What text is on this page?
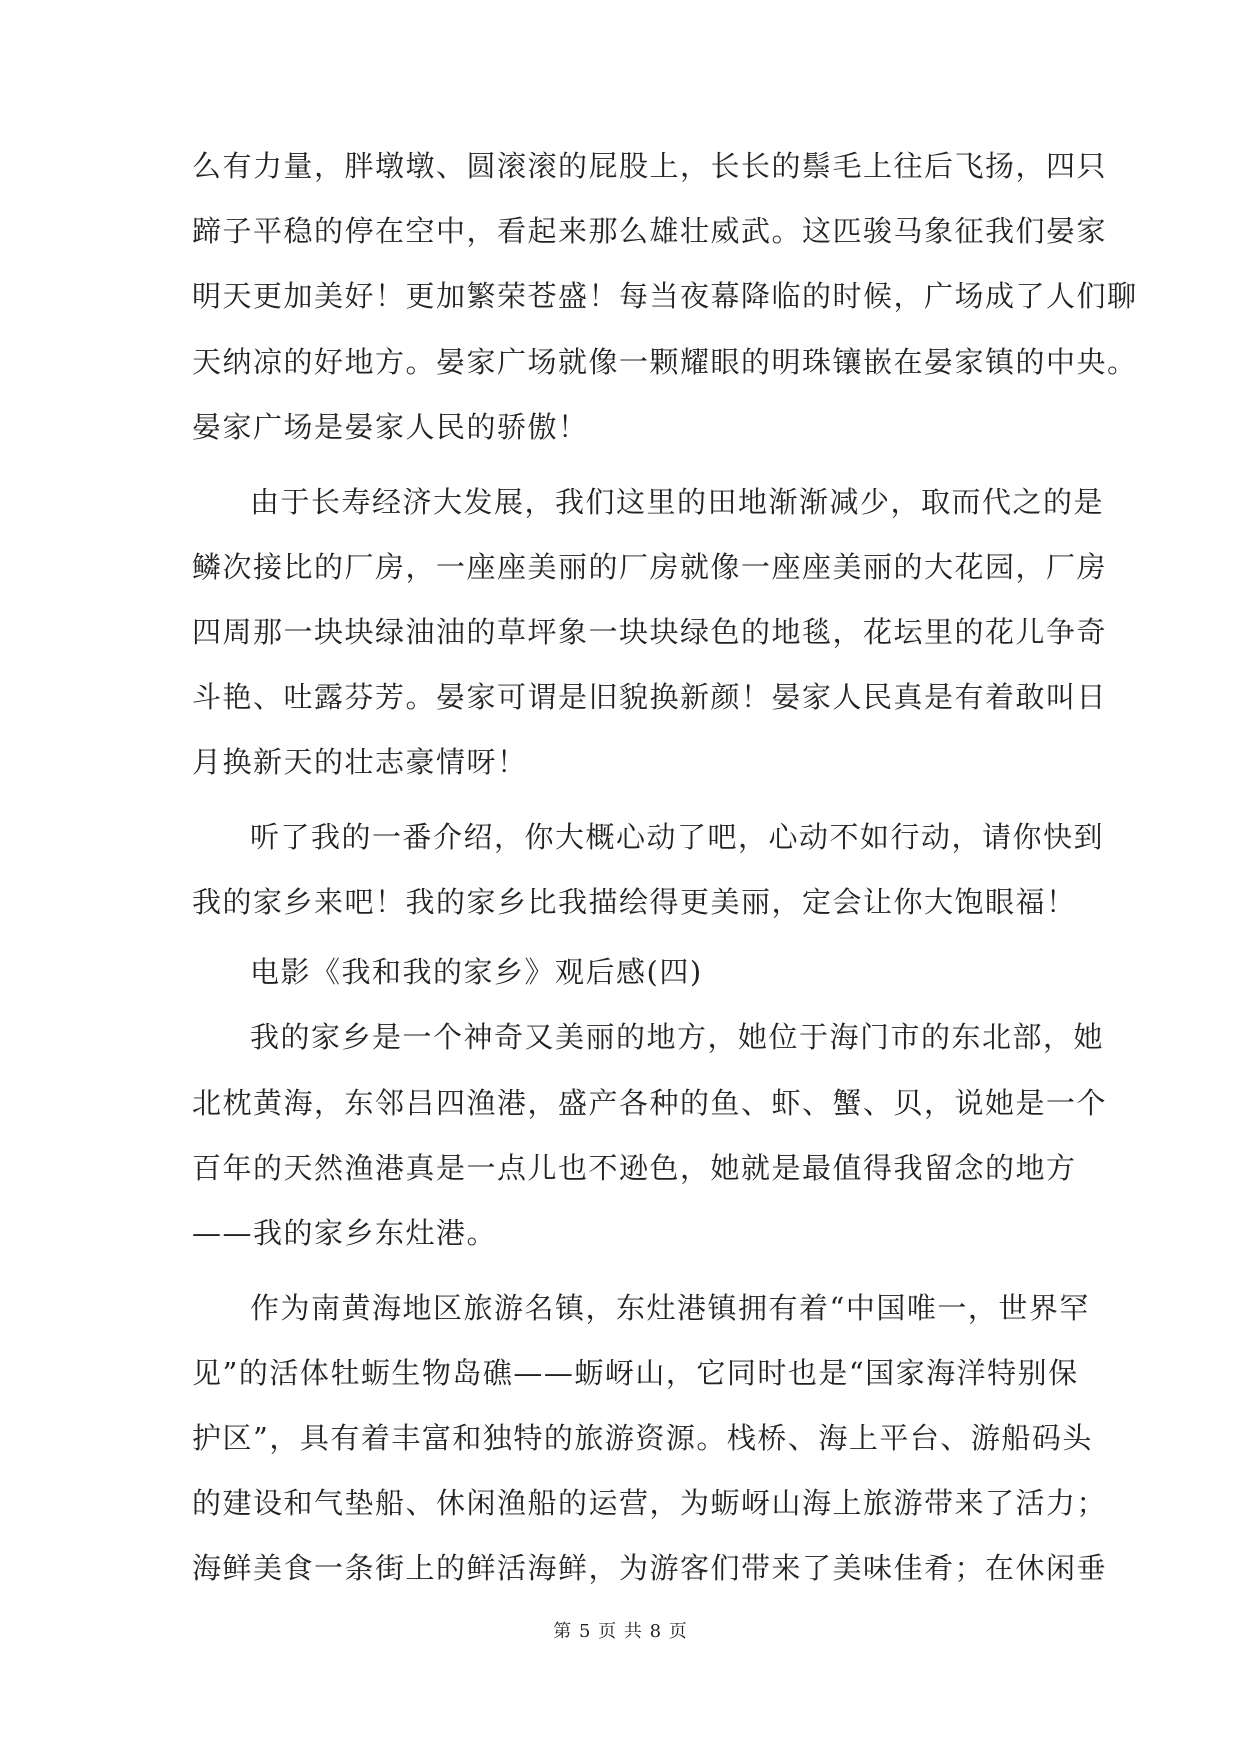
么有力量，胖墩墩、圆滚滚的屁股上，长长的鬃毛上往后飞扬，四只
蹄子平稳的停在空中，看起来那么雄壮威武。这匹骏马象征我们晏家
明天更加美好！更加繁荣苍盛！每当夜幕降临的时候，广场成了人们聊
天纳凉的好地方。晏家广场就像一颗耀眼的明珠镶嵌在晏家镇的中央。
晏家广场是晏家人民的骄傲！
由于长寿经济大发展，我们这里的田地渐渐减少，取而代之的是
鳞次接比的厂房，一座座美丽的厂房就像一座座美丽的大花园，厂房
四周那一块块绿油油的草坪象一块块绿色的地毯，花坛里的花儿争奇
斗艳、吐露芬芳。晏家可谓是旧貌换新颜！晏家人民真是有着敢叫日
月换新天的壮志豪情呀！
听了我的一番介绍，你大概心动了吧，心动不如行动，请你快到
我的家乡来吧！我的家乡比我描绘得更美丽，定会让你大饱眼福！
电影《我和我的家乡》观后感(四)
我的家乡是一个神奇又美丽的地方，她位于海门市的东北部，她
北枕黄海，东邻吕四渔港，盛产各种的鱼、虾、蟹、贝，说她是一个
百年的天然渔港真是一点儿也不逊色，她就是最值得我留念的地方
——我的家乡东灶港。
作为南黄海地区旅游名镇，东灶港镇拥有着“中国唯一，世界罕
见”的活体牡蛎生物岛礁——蛎岈山，它同时也是“国家海洋特别保
护区”，具有着丰富和独特的旅游资源。栈桥、海上平台、游船码头
的建设和气垫船、休闲渔船的运营，为蛎岈山海上旅游带来了活力；
海鲜美食一条街上的鲜活海鲜，为游客们带来了美味佳肴；在休闲垂
第 5 页 共 8 页
